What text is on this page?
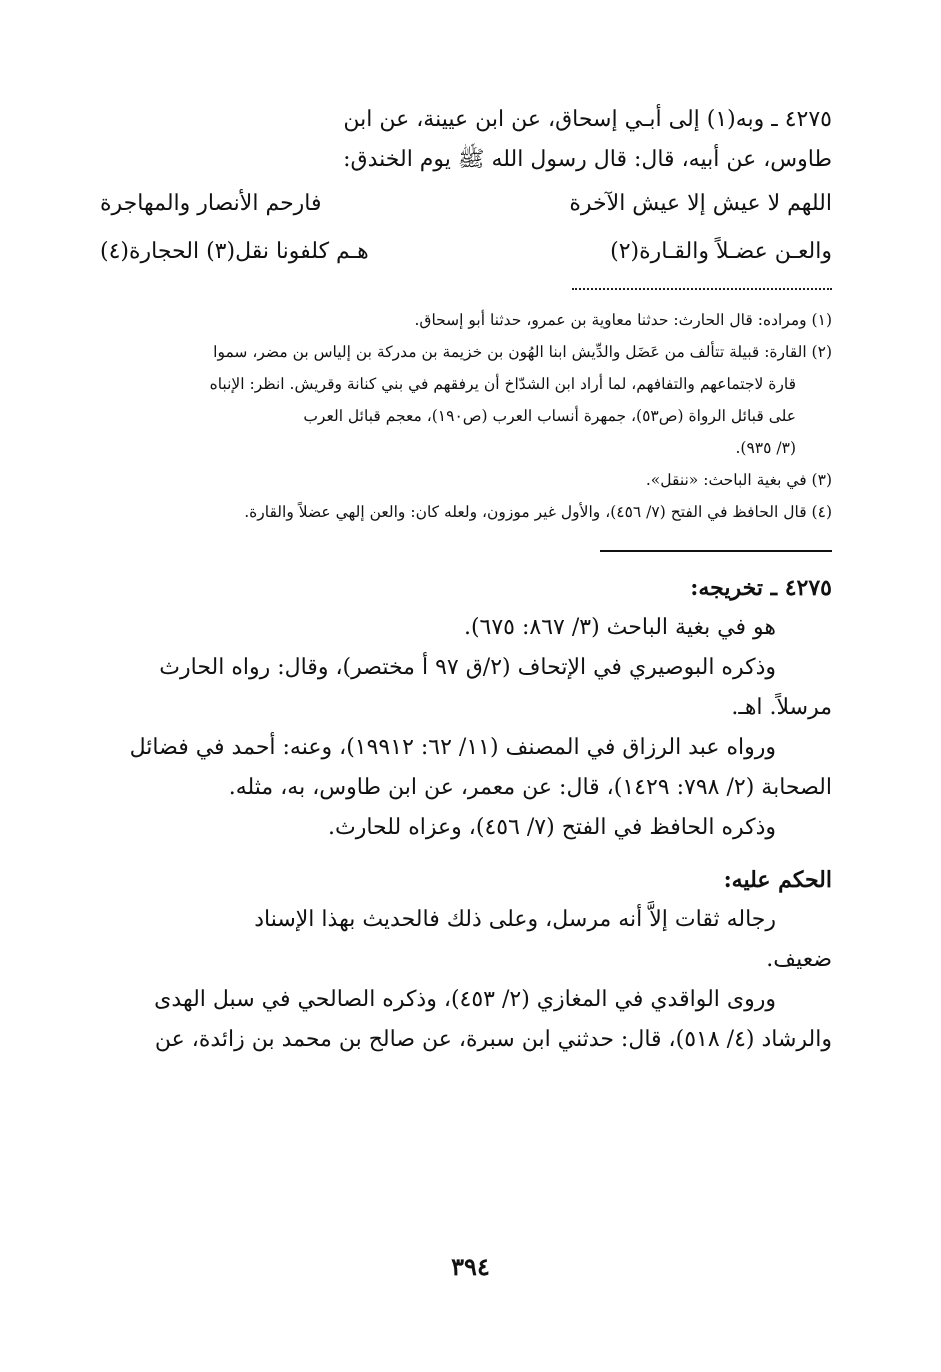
٤٢٧٥ ـ وبه(١) إلى أبـي إسحاق، عن ابن عيينة، عن ابن
طاوس، عن أبيه، قال: قال رسول الله ﷺ يوم الخندق:
اللهم لا عيش إلا عيش الآخرة
فارحم الأنصار والمهاجرة
والعـن عضـلاً والقـارة(٢)
هـم كلفونا نقل(٣) الحجارة(٤)
(١) ومراده: قال الحارث: حدثنا معاوية بن عمرو، حدثنا أبو إسحاق.
(٢) القارة: قبيلة تتألف من عَضَل والدِّيش ابنا الهُون بن خزيمة بن مدركة بن إلياس بن مضر، سموا
قارة لاجتماعهم والتفافهم، لما أراد ابن الشدّاخ أن يرفقهم في بني كنانة وقريش. انظر: الإنباه
على قبائل الرواة (ص٥٣)، جمهرة أنساب العرب (ص١٩٠)، معجم قبائل العرب
(٣/ ٩٣٥).
(٣) في بغية الباحث: «ننقل».
(٤) قال الحافظ في الفتح (٧/ ٤٥٦)، والأول غير موزون، ولعله كان: والعن إلهي عضلاً والقارة.
٤٢٧٥ ـ تخريجه:
هو في بغية الباحث (٣/ ٨٦٧: ٦٧٥).
وذكره البوصيري في الإتحاف (٢/ق ٩٧ أ مختصر)، وقال: رواه الحارث
مرسلاً. اهـ.
ورواه عبد الرزاق في المصنف (١١/ ٦٢: ١٩٩١٢)، وعنه: أحمد في فضائل
الصحابة (٢/ ٧٩٨: ١٤٢٩)، قال: عن معمر، عن ابن طاوس، به، مثله.
وذكره الحافظ في الفتح (٧/ ٤٥٦)، وعزاه للحارث.
الحكم عليه:
رجاله ثقات إلاَّ أنه مرسل، وعلى ذلك فالحديث بهذا الإسناد
ضعيف.
وروى الواقدي في المغازي (٢/ ٤٥٣)، وذكره الصالحي في سبل الهدى
والرشاد (٤/ ٥١٨)، قال: حدثني ابن سبرة، عن صالح بن محمد بن زائدة، عن
٣٩٤
